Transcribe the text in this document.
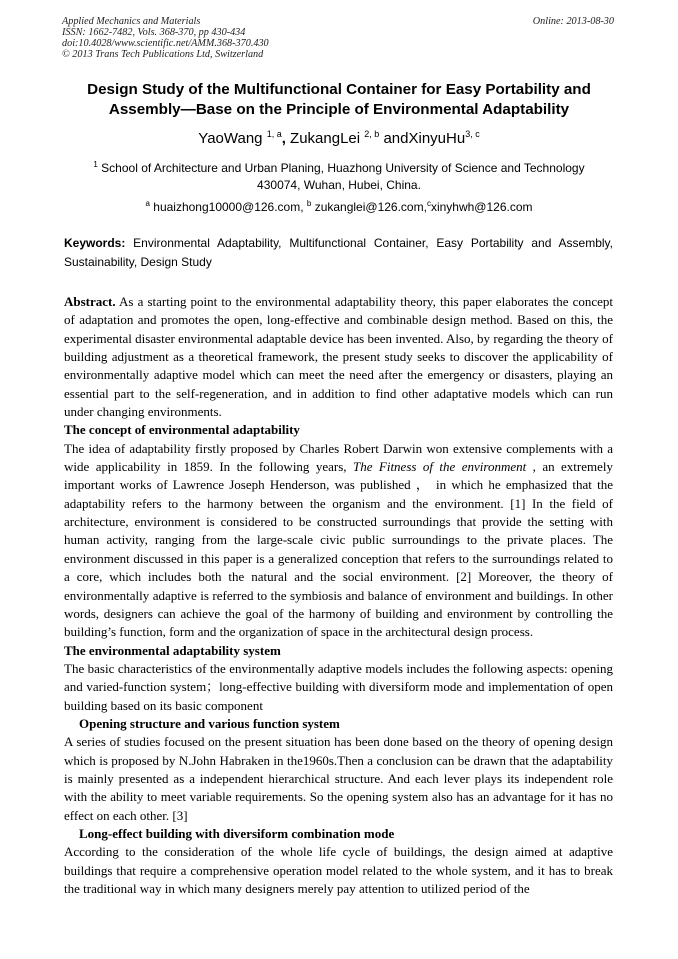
Applied Mechanics and Materials
ISSN: 1662-7482, Vols. 368-370, pp 430-434
doi:10.4028/www.scientific.net/AMM.368-370.430
© 2013 Trans Tech Publications Ltd, Switzerland
Online: 2013-08-30
Design Study of the Multifunctional Container for Easy Portability and
Assembly—Base on the Principle of Environmental Adaptability
YaoWang $^{1, a}$, ZukangLei $^{2, b}$ andXinyuHu$^{3, c}$
$^1$ School of Architecture and Urban Planing, Huazhong University of Science and Technology
430074, Wuhan, Hubei, China.
$^a$ huaizhong10000@126.com, $^b$ zukanglei@126.com,$^c$xinyhwh@126.com
Keywords: Environmental Adaptability, Multifunctional Container, Easy Portability and Assembly, Sustainability, Design Study

Abstract. As a starting point to the environmental adaptability theory, this paper elaborates the concept of adaptation and promotes the open, long-effective and combinable design method. Based on this, the experimental disaster environmental adaptable device has been invented. Also, by regarding the theory of building adjustment as a theoretical framework, the present study seeks to discover the applicability of environmentally adaptive model which can meet the need after the emergency or disasters, playing an essential part to the self-regeneration, and in addition to find other adaptative models which can run under changing environments.

The concept of environmental adaptability

The idea of adaptability firstly proposed by Charles Robert Darwin won extensive complements with a wide applicability in 1859. In the following years, The Fitness of the environment , an extremely important works of Lawrence Joseph Henderson, was published ， in which he emphasized that the adaptability refers to the harmony between the organism and the environment. [1] In the field of architecture, environment is considered to be constructed surroundings that provide the setting with human activity, ranging from the large-scale civic public surroundings to the private places. The environment discussed in this paper is a generalized conception that refers to the surroundings related to a core, which includes both the natural and the social environment. [2] Moreover, the theory of environmentally adaptive is referred to the symbiosis and balance of environment and buildings. In other words, designers can achieve the goal of the harmony of building and environment by controlling the building’s function, form and the organization of space in the architectural design process.

The environmental adaptability system

The basic characteristics of the environmentally adaptive models includes the following aspects: opening and varied-function system；long-effective building with diversiform mode and implementation of open building based on its basic component

Opening structure and various function system

A series of studies focused on the present situation has been done based on the theory of opening design which is proposed by N.John Habraken in the1960s.Then a conclusion can be drawn that the adaptability is mainly presented as a independent hierarchical structure. And each lever plays its independent role with the ability to meet variable requirements. So the opening system also has an advantage for it has no effect on each other. [3]

Long-effect building with diversiform combination mode

According to the consideration of the whole life cycle of buildings, the design aimed at adaptive buildings that require a comprehensive operation model related to the whole system, and it has to break the traditional way in which many designers merely pay attention to utilized period of the
